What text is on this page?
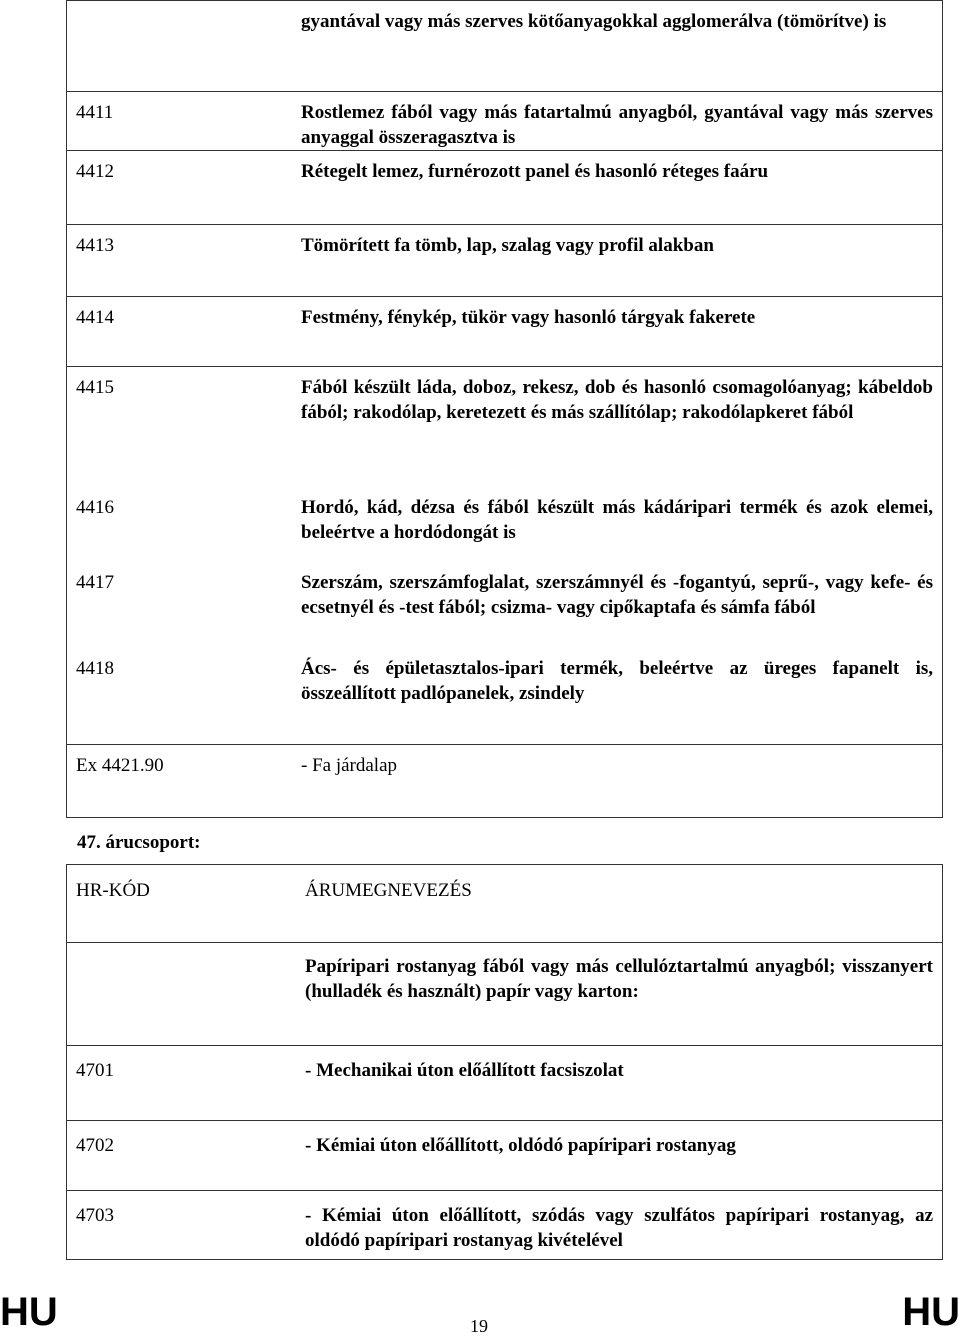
gyantával vagy más szerves kötőanyagokkal agglomerálva (tömörítve) is
4411	Rostlemez fából vagy más fatartalmú anyagból, gyantával vagy más szerves anyaggal összeragasztva is
4412	Rétegelt lemez, furnérozott panel és hasonló réteges faáru
4413	Tömörített fa tömb, lap, szalag vagy profil alakban
4414	Festmény, fénykép, tükör vagy hasonló tárgyak fakerete
4415	Fából készült láda, doboz, rekesz, dob és hasonló csomagolóanyag; kábeldob fából; rakodólap, keretezett és más szállítólap; rakodólapkeret fából
4416	Hordó, kád, dézsa és fából készült más kádáripari termék és azok elemei, beleértve a hordódongát is
4417	Szerszám, szerszámfoglalat, szerszámnyél és -fogantyú, seprű-, vagy kefe- és ecsetnyél és -test fából; csizma- vagy cipőkaptafa és sámfa fából
4418	Ács- és épületasztalos-ipari termék, beleértve az üreges fapanelt is, összeállított padlópanelek, zsindely
Ex 4421.90	- Fa járdalap
47. árucsoport:
HR-KÓD	ÁRUMEGNEVEZÉS
Papíripari rostanyag fából vagy más cellulóztartalmú anyagból; visszanyert (hulladék és használt) papír vagy karton:
4701	- Mechanikai úton előállított facsiszolat
4702	- Kémiai úton előállított, oldódó papíripari rostanyag
4703	- Kémiai úton előállított, szódás vagy szulfátos papíripari rostanyag, az oldódó papíripari rostanyag kivételével
HU	19	HU
